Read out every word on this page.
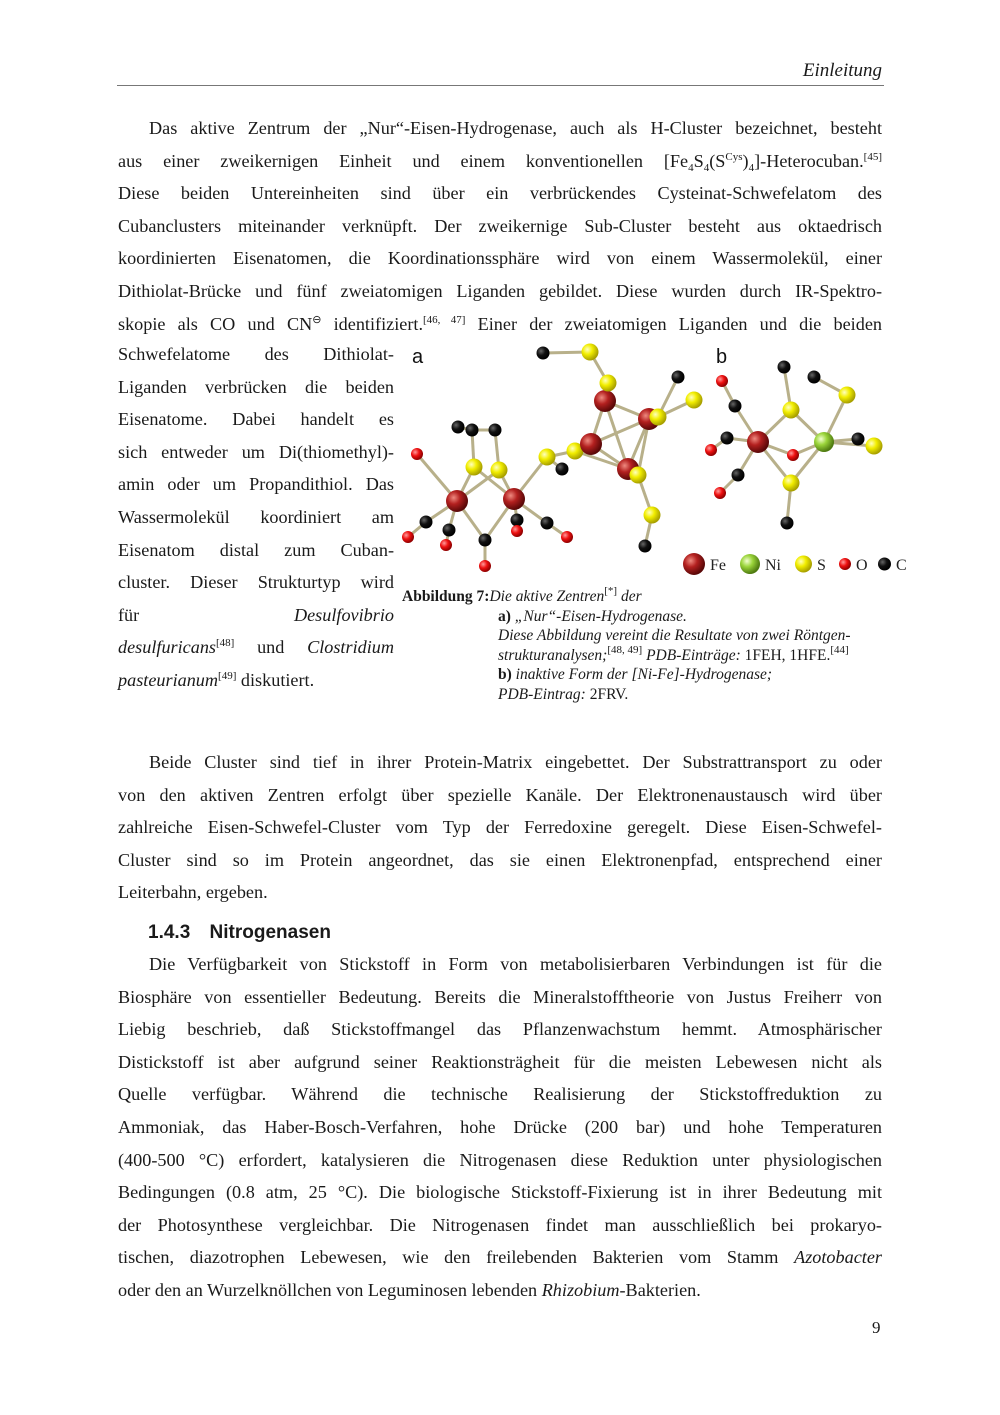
Einleitung
Das aktive Zentrum der „Nur“-Eisen-Hydrogenase, auch als H-Cluster bezeichnet, besteht
aus einer zweikernigen Einheit und einem konventionellen $[Fe_4S_4(S^{Cys})_4]-Heterocuban.[45]$
Diese beiden Untereinheiten sind über ein verbrückendes Cysteinat-Schwefelatom des
Cubanclusters miteinander verknüpft. Der zweikernige Sub-Cluster besteht aus oktaedrisch
koordinierten Eisenatomen, die Koordinationssphäre wird von einem Wassermolekül, einer
Dithiolat-Brücke und fünf zweiatomigen Liganden gebildet. Diese wurden durch IR-Spektro-
skopie als CO und CN⊖ identifiziert.[46, 47] Einer der zweiatomigen Liganden und die beiden
Schwefelatome des Dithiolat-
Liganden verbrücken die beiden
Eisenatome. Dabei handelt es
sich entweder um Di(thiomethyl)-
amin oder um Propandithiol. Das
Wassermolekül koordiniert am
Eisenatom distal zum Cuban-
cluster. Dieser Strukturtyp wird
für	Desulfovibrio
desulfuricans[48] und Clostridium
pasteurianum[49] diskutiert.
a	b
Fe Ni S O C
Abbildung 7:Die aktive Zentren[*] der
a) „Nur“-Eisen-Hydrogenase.
Diese Abbildung vereint die Resultate von zwei Röntgen-
strukturanalysen;[48, 49] PDB-Einträge: 1FEH, 1HFE.[44]
b) inaktive Form der [Ni-Fe]-Hydrogenase;
PDB-Eintrag: 2FRV.
Beide Cluster sind tief in ihrer Protein-Matrix eingebettet. Der Substrattransport zu oder
von den aktiven Zentren erfolgt über spezielle Kanäle. Der Elektronenaustausch wird über
zahlreiche Eisen-Schwefel-Cluster vom Typ der Ferredoxine geregelt. Diese Eisen-Schwefel-
Cluster sind so im Protein angeordnet, das sie einen Elektronenpfad, entsprechend einer
Leiterbahn, ergeben.
1.4.3 Nitrogenasen
Die Verfügbarkeit von Stickstoff in Form von metabolisierbaren Verbindungen ist für die
Biosphäre von essentieller Bedeutung. Bereits die Mineralstofftheorie von Justus Freiherr von
Liebig beschrieb, daß Stickstoffmangel das Pflanzenwachstum hemmt. Atmosphärischer
Distickstoff ist aber aufgrund seiner Reaktionsträgheit für die meisten Lebewesen nicht als
Quelle verfügbar. Während die technische Realisierung der Stickstoffreduktion zu
Ammoniak, das Haber-Bosch-Verfahren, hohe Drücke (200 bar) und hohe Temperaturen
(400-500 °C) erfordert, katalysieren die Nitrogenasen diese Reduktion unter physiologischen
Bedingungen (0.8 atm, 25 °C). Die biologische Stickstoff-Fixierung ist in ihrer Bedeutung mit
der Photosynthese vergleichbar. Die Nitrogenasen findet man ausschließlich bei prokaryo-
tischen, diazotrophen Lebewesen, wie den freilebenden Bakterien vom Stamm Azotobacter
oder den an Wurzelknöllchen von Leguminosen lebenden Rhizobium-Bakterien.
9
